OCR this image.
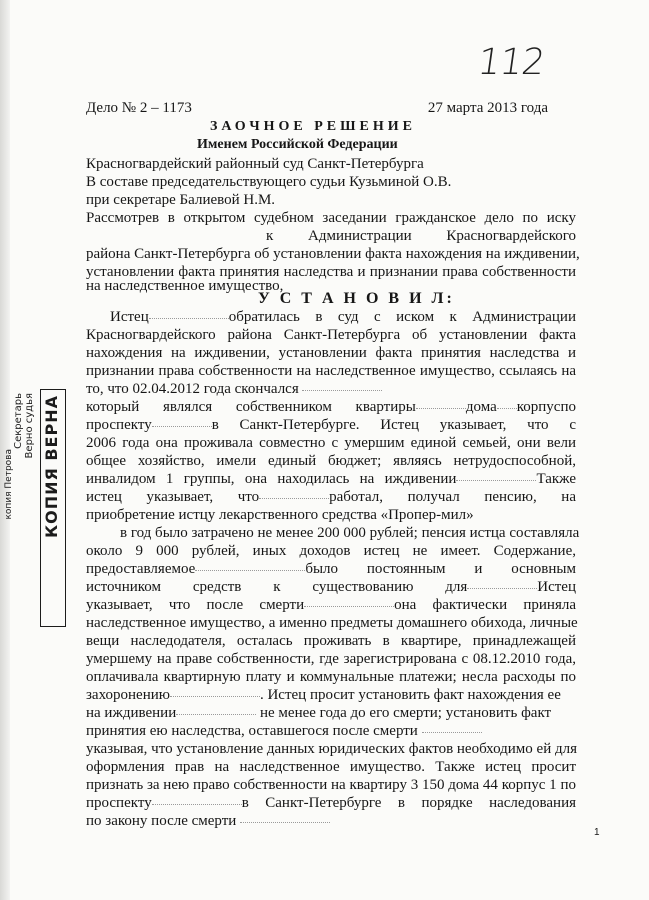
112
Дело № 2 – 1173	27 марта 2013 года
ЗАОЧНОЕ РЕШЕНИЕ
Именем Российской Федерации
Красногвардейский районный суд Санкт-Петербурга
В составе председательствующего судьи Кузьминой О.В.
при секретаре Балиевой Н.М.
Рассмотрев в открытом судебном заседании гражданское дело по иску
к Администрации Красногвардейского
района Санкт-Петербурга об установлении факта нахождения на иждивении,
установлении факта принятия наследства и признании права собственности
на наследственное имущество,
У С Т А Н О В И Л:
Истец	обратилась в суд с иском к Администрации
Красногвардейского района Санкт-Петербурга об установлении факта
нахождения на иждивении, установлении факта принятия наследства и
признании права собственности на наследственное имущество, ссылаясь на
то, что 02.04.2012 года скончался
который являлся собственником квартиры	дома корпуспо
проспекту	в Санкт-Петербурге. Истец указывает, что с
2006 года она проживала совместно с умершим единой семьей, они вели
общее хозяйство, имели единый бюджет; являясь нетрудоспособной,
инвалидом 1 группы, она находилась на иждивении	Также
истец указывает, что	работал, получал пенсию, на
приобретение истцу лекарственного средства «Пропер-мил»
в год было затрачено не менее 200 000 рублей; пенсия истца составляла
около 9 000 рублей, иных доходов истец не имеет. Содержание,
предоставляемое	было постоянным и основным
источником средств к существованию для	Истец
указывает, что после смерти	она фактически приняла
наследственное имущество, а именно предметы домашнего обихода, личные
вещи наследодателя, осталась проживать в квартире, принадлежащей
умершему на праве собственности, где зарегистрирована с 08.12.2010 года,
оплачивала квартирную плату и коммунальные платежи; несла расходы по
захоронению	. Истец просит установить факт нахождения ее
на иждивении	не менее года до его смерти; установить факт
принятия ею наследства, оставшегося после смерти
указывая, что установление данных юридических фактов необходимо ей для
оформления прав на наследственное имущество. Также истец просит
признать за нею право собственности на квартиру 3 150 дома 44 корпус 1 по
проспекту	в Санкт-Петербурге в порядке наследования
по закону после смерти
КОПИЯ ВЕРНА
Верно судья
Секретарь
копия Петрова
1
